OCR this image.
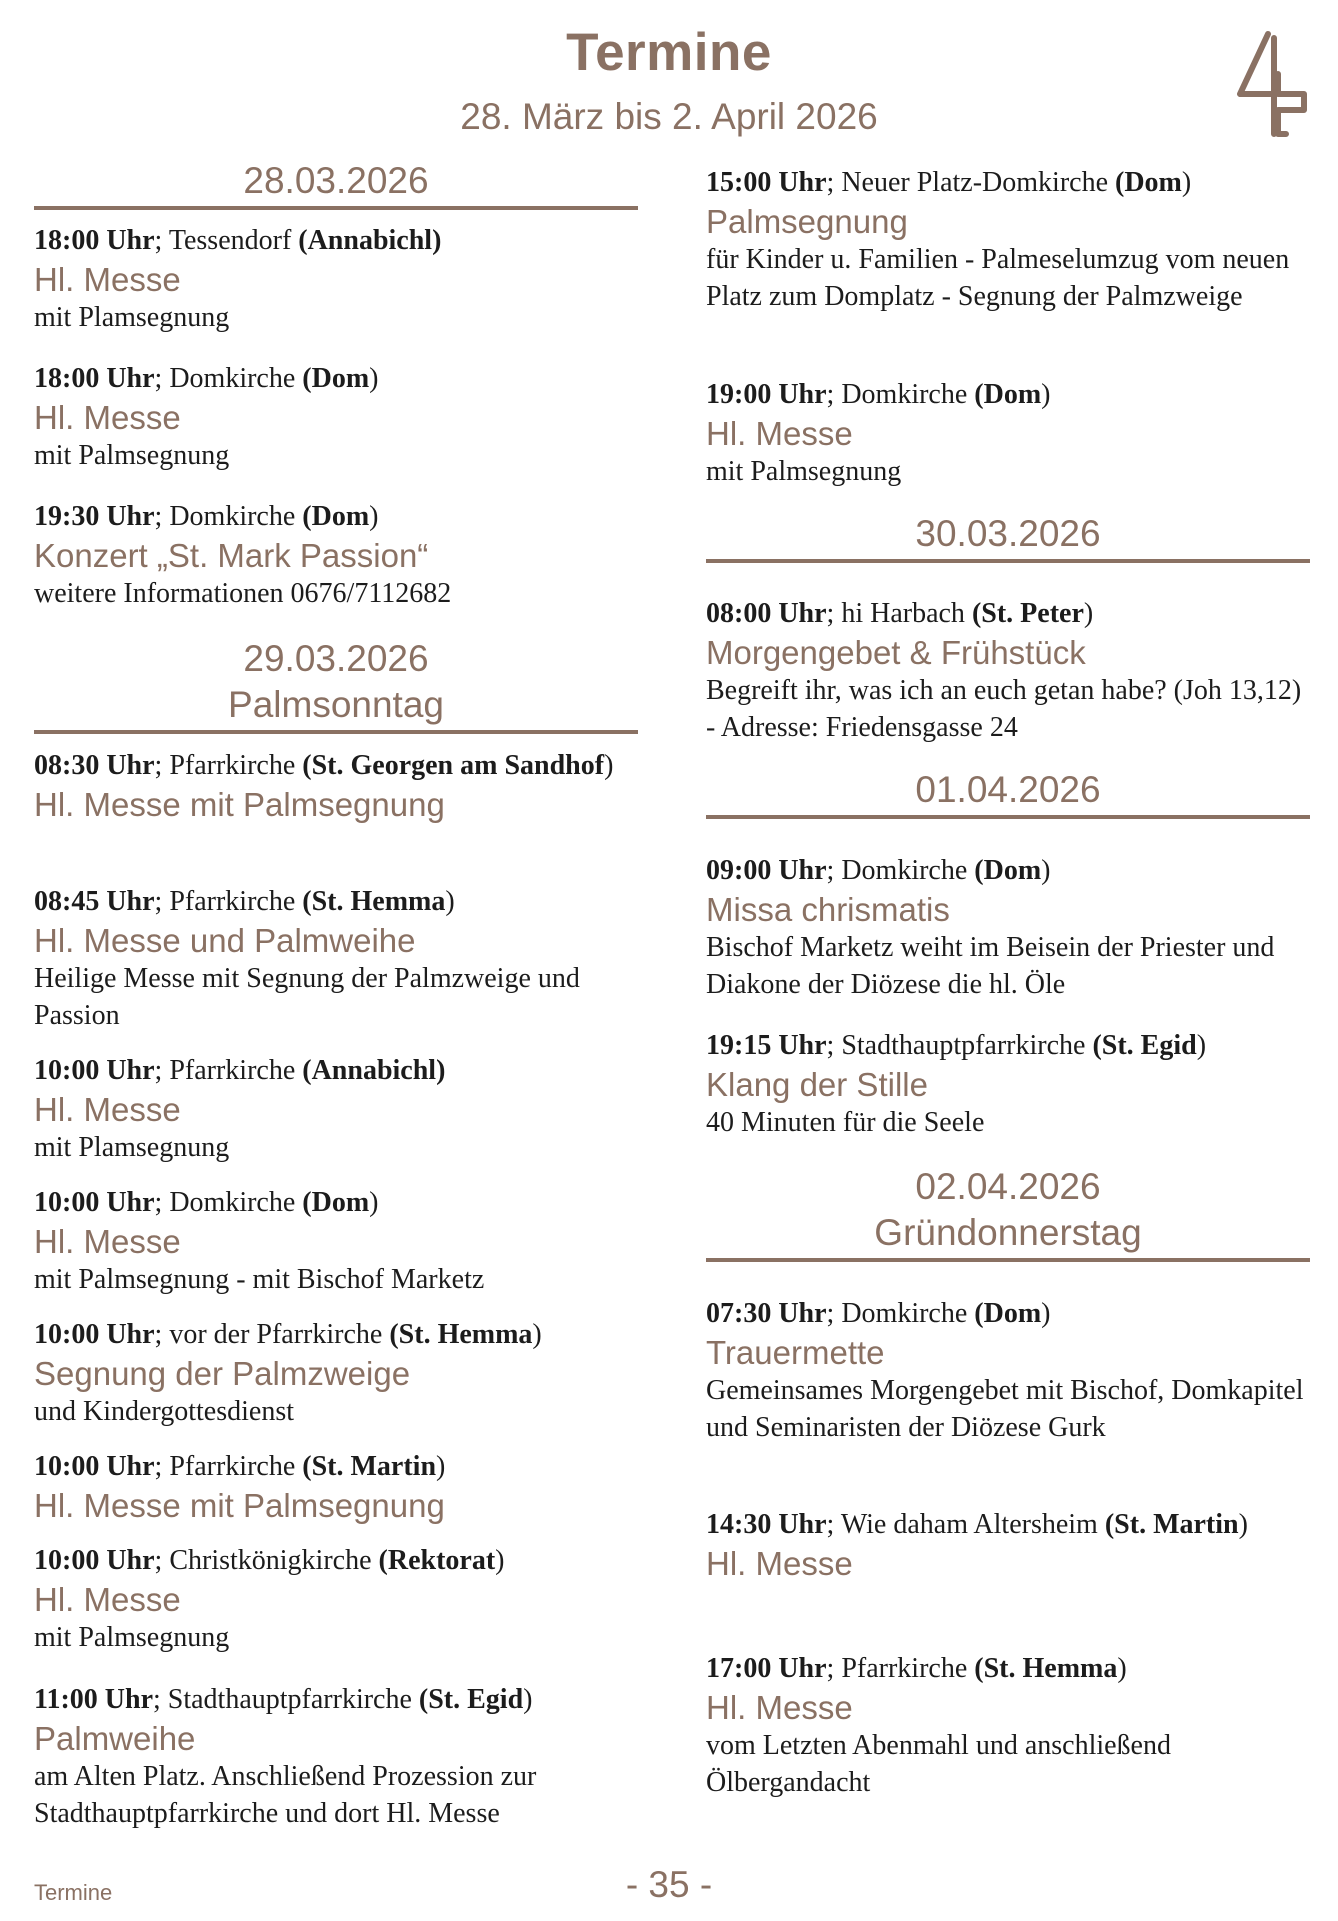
Termine
28. März bis 2. April 2026
28.03.2026
18:00 Uhr; Tessendorf (Annabichl)
Hl. Messe
mit Plamsegnung
18:00 Uhr; Domkirche (Dom)
Hl. Messe
mit Palmsegnung
19:30 Uhr; Domkirche (Dom)
Konzert „St. Mark Passion“
weitere Informationen 0676/7112682
29.03.2026
Palmsonntag
08:30 Uhr; Pfarrkirche (St. Georgen am Sandhof)
Hl. Messe mit Palmsegnung
08:45 Uhr; Pfarrkirche (St. Hemma)
Hl. Messe und Palmweihe
Heilige Messe mit Segnung der Palmzweige und Passion
10:00 Uhr; Pfarrkirche (Annabichl)
Hl. Messe
mit Plamsegnung
10:00 Uhr; Domkirche (Dom)
Hl. Messe
mit Palmsegnung - mit Bischof Marketz
10:00 Uhr; vor der Pfarrkirche (St. Hemma)
Segnung der Palmzweige
und Kindergottesdienst
10:00 Uhr; Pfarrkirche (St. Martin)
Hl. Messe mit Palmsegnung
10:00 Uhr; Christkönigkirche (Rektorat)
Hl. Messe
mit Palmsegnung
11:00 Uhr; Stadthauptpfarrkirche (St. Egid)
Palmweihe
am Alten Platz. Anschließend Prozession zur Stadthauptpfarrkirche und dort Hl. Messe
15:00 Uhr; Neuer Platz-Domkirche (Dom)
Palmsegnung
für Kinder u. Familien - Palmeselumzug vom neuen Platz zum Domplatz - Segnung der Palmzweige
19:00 Uhr; Domkirche (Dom)
Hl. Messe
mit Palmsegnung
30.03.2026
08:00 Uhr; hi Harbach (St. Peter)
Morgengebet & Frühstück
Begreift ihr, was ich an euch getan habe? (Joh 13,12) - Adresse: Friedensgasse 24
01.04.2026
09:00 Uhr; Domkirche (Dom)
Missa chrismatis
Bischof Marketz weiht im Beisein der Priester und Diakone der Diözese die hl. Öle
19:15 Uhr; Stadthauptpfarrkirche (St. Egid)
Klang der Stille
40 Minuten für die Seele
02.04.2026
Gründonnerstag
07:30 Uhr; Domkirche (Dom)
Trauermette
Gemeinsames Morgengebet mit Bischof, Domkapitel und Seminaristen der Diözese Gurk
14:30 Uhr; Wie daham Altersheim (St. Martin)
Hl. Messe
17:00 Uhr; Pfarrkirche (St. Hemma)
Hl. Messe
vom Letzten Abenmahl und anschließend Ölbergandacht
Termine	- 35 -
